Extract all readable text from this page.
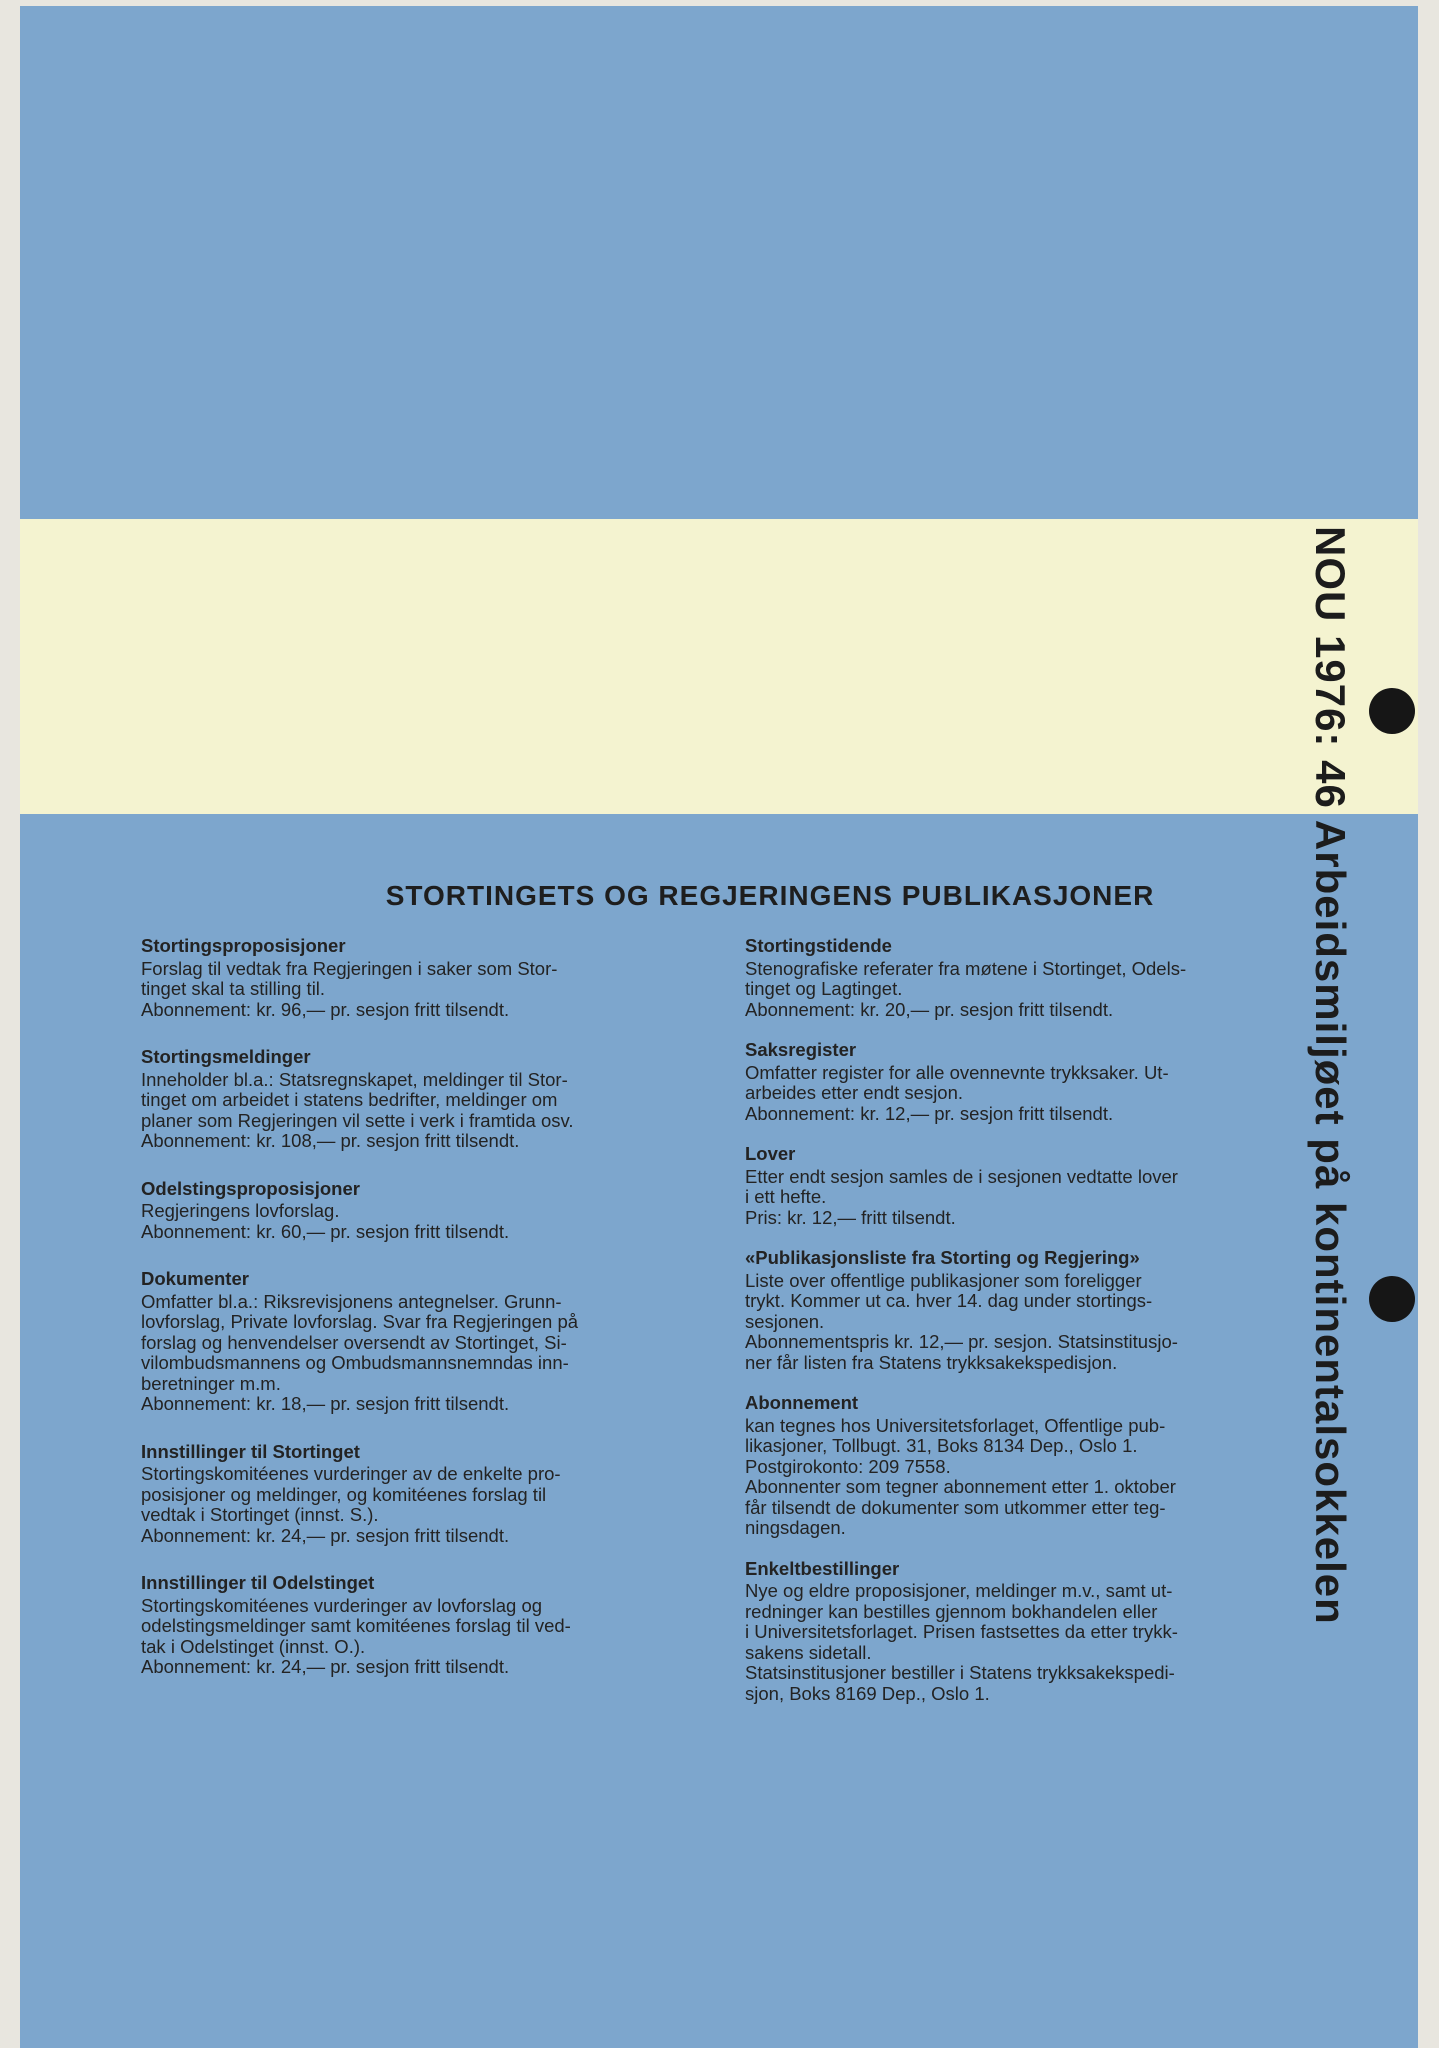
NOU 1976: 46 Arbeidsmiljøet på kontinentalsokkelen
STORTINGETS OG REGJERINGENS PUBLIKASJONER
Stortingsproposisjoner
Forslag til vedtak fra Regjeringen i saker som Stor-
tinget skal ta stilling til.
Abonnement: kr. 96,— pr. sesjon fritt tilsendt.
Stortingsmeldinger
Inneholder bl.a.: Statsregnskapet, meldinger til Stor-
tinget om arbeidet i statens bedrifter, meldinger om
planer som Regjeringen vil sette i verk i framtida osv.
Abonnement: kr. 108,— pr. sesjon fritt tilsendt.
Odelstingsproposisjoner
Regjeringens lovforslag.
Abonnement: kr. 60,— pr. sesjon fritt tilsendt.
Dokumenter
Omfatter bl.a.: Riksrevisjonens antegnelser. Grunn-
lovforslag, Private lovforslag. Svar fra Regjeringen på
forslag og henvendelser oversendt av Stortinget, Si-
vilombudsmannens og Ombudsmannsnemndas inn-
beretninger m.m.
Abonnement: kr. 18,— pr. sesjon fritt tilsendt.
Innstillinger til Stortinget
Stortingskomitéenes vurderinger av de enkelte pro-
posisjoner og meldinger, og komitéenes forslag til
vedtak i Stortinget (innst. S.).
Abonnement: kr. 24,— pr. sesjon fritt tilsendt.
Innstillinger til Odelstinget
Stortingskomitéenes vurderinger av lovforslag og
odelstingsmeldinger samt komitéenes forslag til ved-
tak i Odelstinget (innst. O.).
Abonnement: kr. 24,— pr. sesjon fritt tilsendt.
Stortingstidende
Stenografiske referater fra møtene i Stortinget, Odels-
tinget og Lagtinget.
Abonnement: kr. 20,— pr. sesjon fritt tilsendt.
Saksregister
Omfatter register for alle ovennevnte trykksaker. Ut-
arbeides etter endt sesjon.
Abonnement: kr. 12,— pr. sesjon fritt tilsendt.
Lover
Etter endt sesjon samles de i sesjonen vedtatte lover
i ett hefte.
Pris: kr. 12,— fritt tilsendt.
«Publikasjonsliste fra Storting og Regjering»
Liste over offentlige publikasjoner som foreligger
trykt. Kommer ut ca. hver 14. dag under stortings-
sesjonen.
Abonnementspris kr. 12,— pr. sesjon. Statsinstitusjo-
ner får listen fra Statens trykksakekspedisjon.
Abonnement
kan tegnes hos Universitetsforlaget, Offentlige pub-
likasjoner, Tollbugt. 31, Boks 8134 Dep., Oslo 1.
Postgirokonto: 209 7558.
Abonnenter som tegner abonnement etter 1. oktober
får tilsendt de dokumenter som utkommer etter teg-
ningsdagen.
Enkeltbestillinger
Nye og eldre proposisjoner, meldinger m.v., samt ut-
redninger kan bestilles gjennom bokhandelen eller
i Universitetsforlaget. Prisen fastsettes da etter trykk-
sakens sidetall.
Statsinstitusjoner bestiller i Statens trykksakekspedi-
sjon, Boks 8169 Dep., Oslo 1.
